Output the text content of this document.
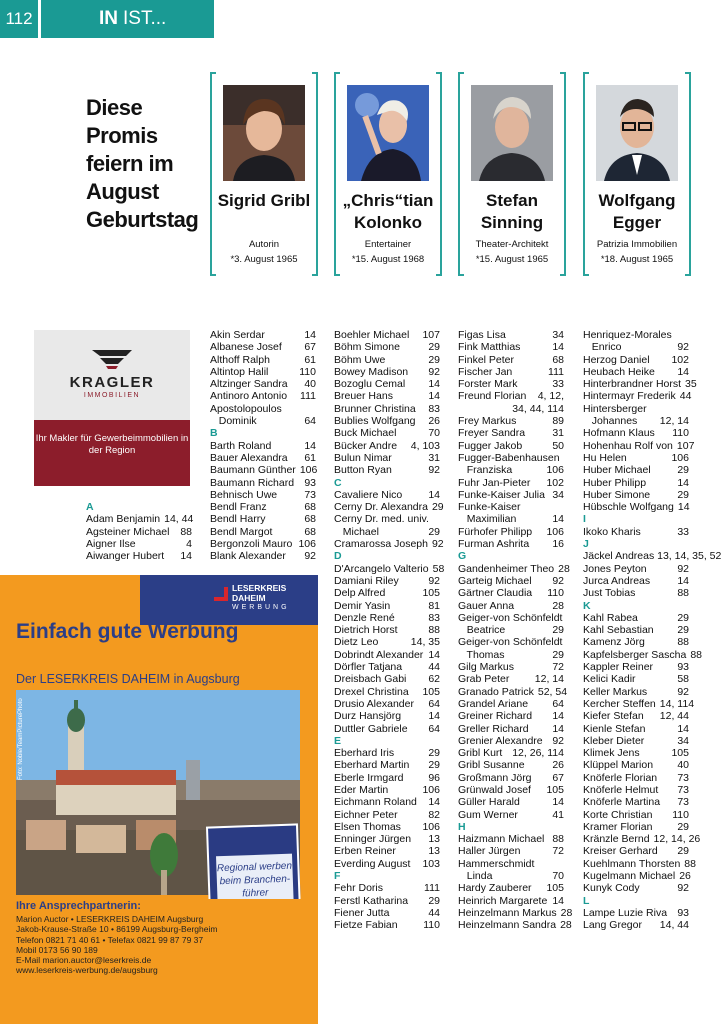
112	IN IST...
Diese Promis feiern im August Geburtstag
Sigrid Gribl
Autorin
*3. August 1965
„Chris“tian Kolonko
Entertainer
*15. August 1968
Stefan Sinning
Theater-Architekt
*15. August 1965
Wolfgang Egger
Patrizia Immobilien
*18. August 1965
KRAGLER
IMMOBILIEN
Ihr Makler für Gewerbeimmobilien in der Region
A
Adam Benjamin 14, 44
Agsteiner Michael	88
Aigner Ilse	4
Aiwanger Hubert	14
Akin Serdar	14
Albanese Josef	67
Althoff Ralph	61
Altintop Halil	110
Altzinger Sandra	40
Antinoro Antonio	111
Apostolopoulos
Dominik	64
B
Barth Roland	14
Bauer Alexandra	61
Baumann Günther 106
Baumann Richard 93
Behnisch Uwe	73
Bendl Franz	68
Bendl Harry	68
Bendl Margot	68
Bergonzoli Mauro 106
Blank Alexander	92
Boehler Michael	107
Böhm Simone	29
Böhm Uwe	29
Bowey Madison	92
Bozoglu Cemal	14
Breuer Hans	14
Brunner Christina	83
Bublies Wolfgang	26
Buck Michael	70
Bücker Andre	4, 103
Bulun Nimar	31
Button Ryan	92
C
Cavaliere Nico	14
Cerny Dr. Alexandra 29
Cerny Dr. med. univ.
Michael	29
Cramarossa Joseph 92
D
D'Arcangelo Valterio 58
Damiani Riley	92
Delp Alfred	105
Demir Yasin	81
Denzle René	83
Dietrich Horst	88
Dietz Leo	14, 35
Dobrindt Alexander 14
Dörfler Tatjana	44
Dreisbach Gabi	62
Drexel Christina	105
Drusio Alexander	64
Durz Hansjörg	14
Duttler Gabriele	64
E
Eberhard Iris	29
Eberhard Martin	29
Eberle Irmgard	96
Eder Martin	106
Eichmann Roland	14
Eichner Peter	82
Elsen Thomas	106
Enninger Jürgen	13
Erben Reiner	13
Everding August	103
F
Fehr Doris	111
Ferstl Katharina	29
Fiener Jutta	44
Fietze Fabian	110
Figas Lisa	34
Fink Matthias	14
Finkel Peter	68
Fischer Jan	111
Forster Mark	33
Freund Florian	4, 12,
34, 44, 114
Frey Markus	89
Freyer Sandra	31
Fugger Jakob	50
Fugger-Babenhausen
Franziska	106
Fuhr Jan-Pieter	102
Funke-Kaiser Julia 34
Funke-Kaiser
Maximilian	14
Fürhofer Philipp	106
Furman Ashrita	16
G
Gandenheimer Theo 28
Garteig Michael	92
Gärtner Claudia	110
Gauer Anna	28
Geiger-von Schönfeldt
Beatrice	29
Geiger-von Schönfeldt
Thomas	29
Gilg Markus	72
Grab Peter	12, 14
Granado Patrick 52, 54
Grandel Ariane	64
Greiner Richard	14
Greller Richard	14
Grenier Alexandre 92
Gribl Kurt 12, 26, 114
Gribl Susanne	26
Großmann Jörg	67
Grünwald Josef	105
Güller Harald	14
Gum Werner	41
H
Haizmann Michael 88
Haller Jürgen	72
Hammerschmidt
Linda	70
Hardy Zauberer	105
Heinrich Margarete 14
Heinzelmann Markus 28
Heinzelmann Sandra 28
Henriquez-Morales
Enrico	92
Herzog Daniel	102
Heubach Heike	14
Hinterbrandner Horst 35
Hintermayr Frederik 44
Hintersberger
Johannes	12, 14
Hofmann Klaus	110
Hohenhau Rolf von 107
Hu Helen	106
Huber Michael	29
Huber Philipp	14
Huber Simone	29
Hübschle Wolfgang 14
I
Ikoko Kharis	33
J
Jäckel Andreas 13, 14, 35, 52
Jones Peyton	92
Jurca Andreas	14
Just Tobias	88
K
Kahl Rabea	29
Kahl Sebastian	29
Kamenz Jörg	88
Kapfelsberger Sascha 88
Kappler Reiner	93
Kelici Kadir	58
Keller Markus	92
Kercher Steffen 14, 114
Kiefer Stefan	12, 44
Kienle Stefan	14
Kleber Dieter	34
Klimek Jens	105
Klüppel Marion	40
Knöferle Florian	73
Knöferle Helmut	73
Knöferle Martina	73
Korte Christian	110
Kramer Florian	29
Kränzle Bernd 12, 14, 26
Kreiser Gerhard	29
Kuehlmann Thorsten 88
Kugelmann Michael 26
Kunyk Cody	92
L
Lampe Luzie Riva 93
Lang Gregor	14, 44
LESERKREIS
DAHEIM
WERBUNG
Einfach gute Werbung
Der LESERKREIS DAHEIM in Augsburg
Foto: Noble/TeamPicturePhoto
Regional werben beim Branchen-führer
Ihre Ansprechpartnerin:
Marion Auctor • LESERKREIS DAHEIM Augsburg
Jakob-Krause-Straße 10 • 86199 Augsburg-Bergheim
Telefon 0821 71 40 61 • Telefax 0821 99 87 79 37
Mobil 0173 56 90 189
E-Mail marion.auctor@leserkreis.de
www.leserkreis-werbung.de/augsburg
